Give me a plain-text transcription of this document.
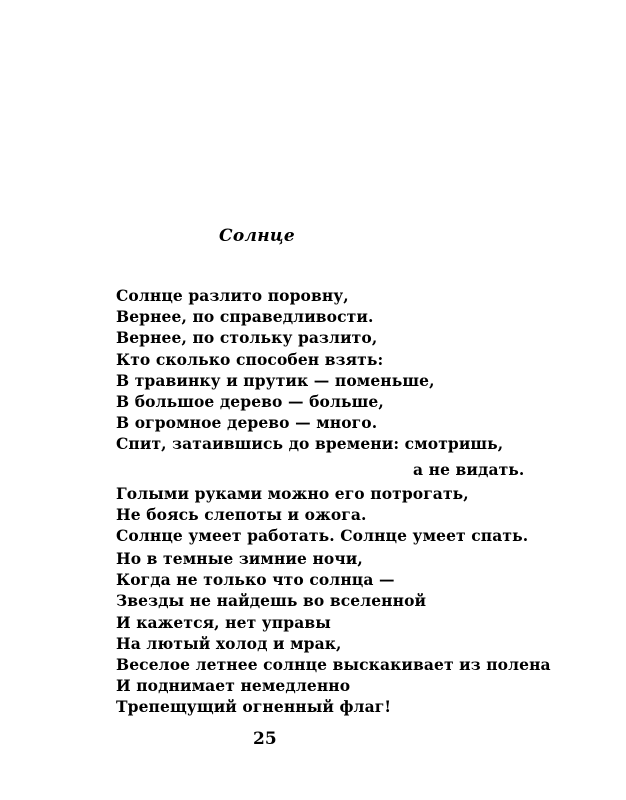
Солнце
Солнце разлито поровну,
Вернее, по справедливости.
Вернее, по стольку разлито,
Кто сколько способен взять:
В травинку и прутик — поменьше,
В большое дерево — больше,
В огромное дерево — много.
Спит, затаившись до времени: смотришь,
а не видать.
Голыми руками можно его потрогать,
Не боясь слепоты и ожога.
Солнце умеет работать. Солнце умеет спать.
Но в темные зимние ночи,
Когда не только что солнца —
Звезды не найдешь во вселенной
И кажется, нет управы
На лютый холод и мрак,
Веселое летнее солнце выскакивает из полена
И поднимает немедленно
Трепещущий огненный флаг!
25
